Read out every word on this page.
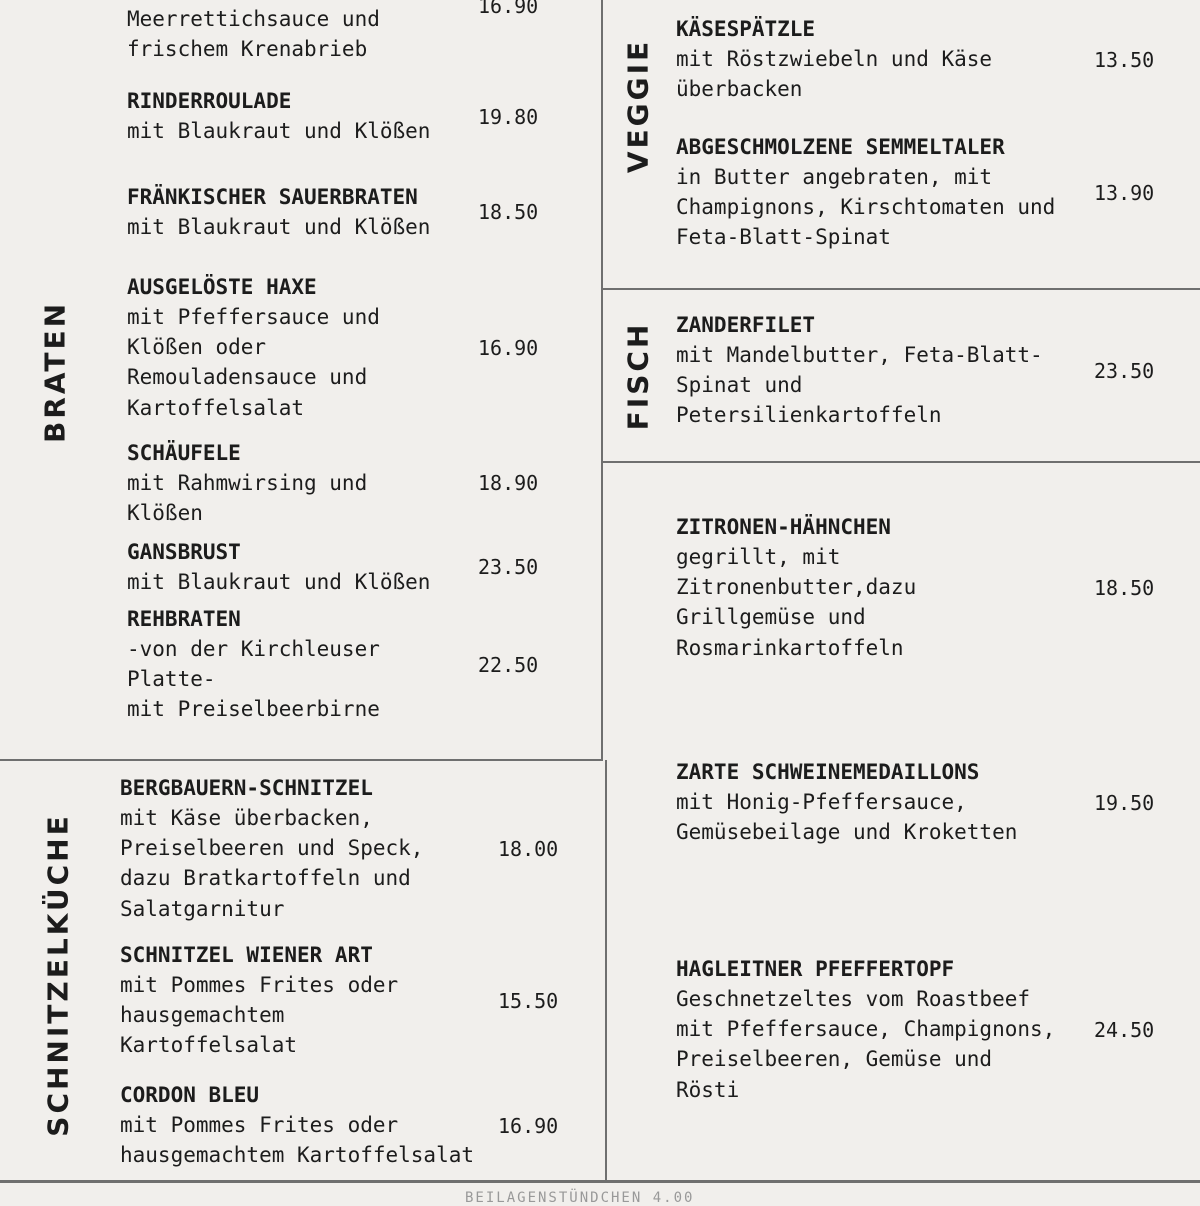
BRATEN
SCHNITZELKÜCHE
VEGGIE
FISCH
Meerrettichsauce und
frischem Krenabrieb
16.90
RINDERROULADE
mit Blaukraut und Klößen
19.80
FRÄNKISCHER SAUERBRATEN
mit Blaukraut und Klößen
18.50
AUSGELÖSTE HAXE
mit Pfeffersauce und
Klößen oder
Remouladensauce und
Kartoffelsalat
16.90
SCHÄUFELE
mit Rahmwirsing und
Klößen
18.90
GANSBRUST
mit Blaukraut und Klößen
23.50
REHBRATEN
-von der Kirchleuser
Platte-
mit Preiselbeerbirne
22.50
BERGBAUERN-SCHNITZEL
mit Käse überbacken,
Preiselbeeren und Speck,
dazu Bratkartoffeln und
Salatgarnitur
18.00
SCHNITZEL WIENER ART
mit Pommes Frites oder
hausgemachtem
Kartoffelsalat
15.50
CORDON BLEU
mit Pommes Frites oder
hausgemachtem Kartoffelsalat
16.90
KÄSESPÄTZLE
mit Röstzwiebeln und Käse
überbacken
13.50
ABGESCHMOLZENE SEMMELTALER
in Butter angebraten, mit
Champignons, Kirschtomaten und
Feta-Blatt-Spinat
13.90
ZANDERFILET
mit Mandelbutter, Feta-Blatt-
Spinat und
Petersilienkartoffeln
23.50
ZITRONEN-HÄHNCHEN
gegrillt, mit
Zitronenbutter,dazu
Grillgemüse und
Rosmarinkartoffeln
18.50
ZARTE SCHWEINEMEDAILLONS
mit Honig-Pfeffersauce,
Gemüsebeilage und Kroketten
19.50
HAGLEITNER PFEFFERTOPF
Geschnetzeltes vom Roastbeef
mit Pfeffersauce, Champignons,
Preiselbeeren, Gemüse und
Rösti
24.50
BEILAGENSTÜNDCHEN 4.00
